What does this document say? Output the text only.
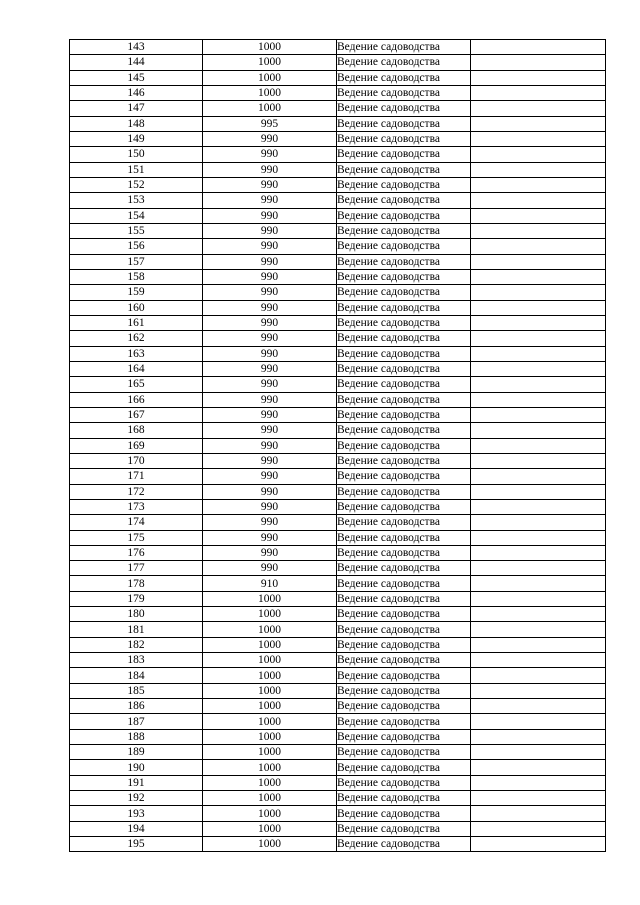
143	1000	Ведение садоводства	
144	1000	Ведение садоводства	
145	1000	Ведение садоводства	
146	1000	Ведение садоводства	
147	1000	Ведение садоводства	
148	995	Ведение садоводства	
149	990	Ведение садоводства	
150	990	Ведение садоводства	
151	990	Ведение садоводства	
152	990	Ведение садоводства	
153	990	Ведение садоводства	
154	990	Ведение садоводства	
155	990	Ведение садоводства	
156	990	Ведение садоводства	
157	990	Ведение садоводства	
158	990	Ведение садоводства	
159	990	Ведение садоводства	
160	990	Ведение садоводства	
161	990	Ведение садоводства	
162	990	Ведение садоводства	
163	990	Ведение садоводства	
164	990	Ведение садоводства	
165	990	Ведение садоводства	
166	990	Ведение садоводства	
167	990	Ведение садоводства	
168	990	Ведение садоводства	
169	990	Ведение садоводства	
170	990	Ведение садоводства	
171	990	Ведение садоводства	
172	990	Ведение садоводства	
173	990	Ведение садоводства	
174	990	Ведение садоводства	
175	990	Ведение садоводства	
176	990	Ведение садоводства	
177	990	Ведение садоводства	
178	910	Ведение садоводства	
179	1000	Ведение садоводства	
180	1000	Ведение садоводства	
181	1000	Ведение садоводства	
182	1000	Ведение садоводства	
183	1000	Ведение садоводства	
184	1000	Ведение садоводства	
185	1000	Ведение садоводства	
186	1000	Ведение садоводства	
187	1000	Ведение садоводства	
188	1000	Ведение садоводства	
189	1000	Ведение садоводства	
190	1000	Ведение садоводства	
191	1000	Ведение садоводства	
192	1000	Ведение садоводства	
193	1000	Ведение садоводства	
194	1000	Ведение садоводства	
195	1000	Ведение садоводства	
